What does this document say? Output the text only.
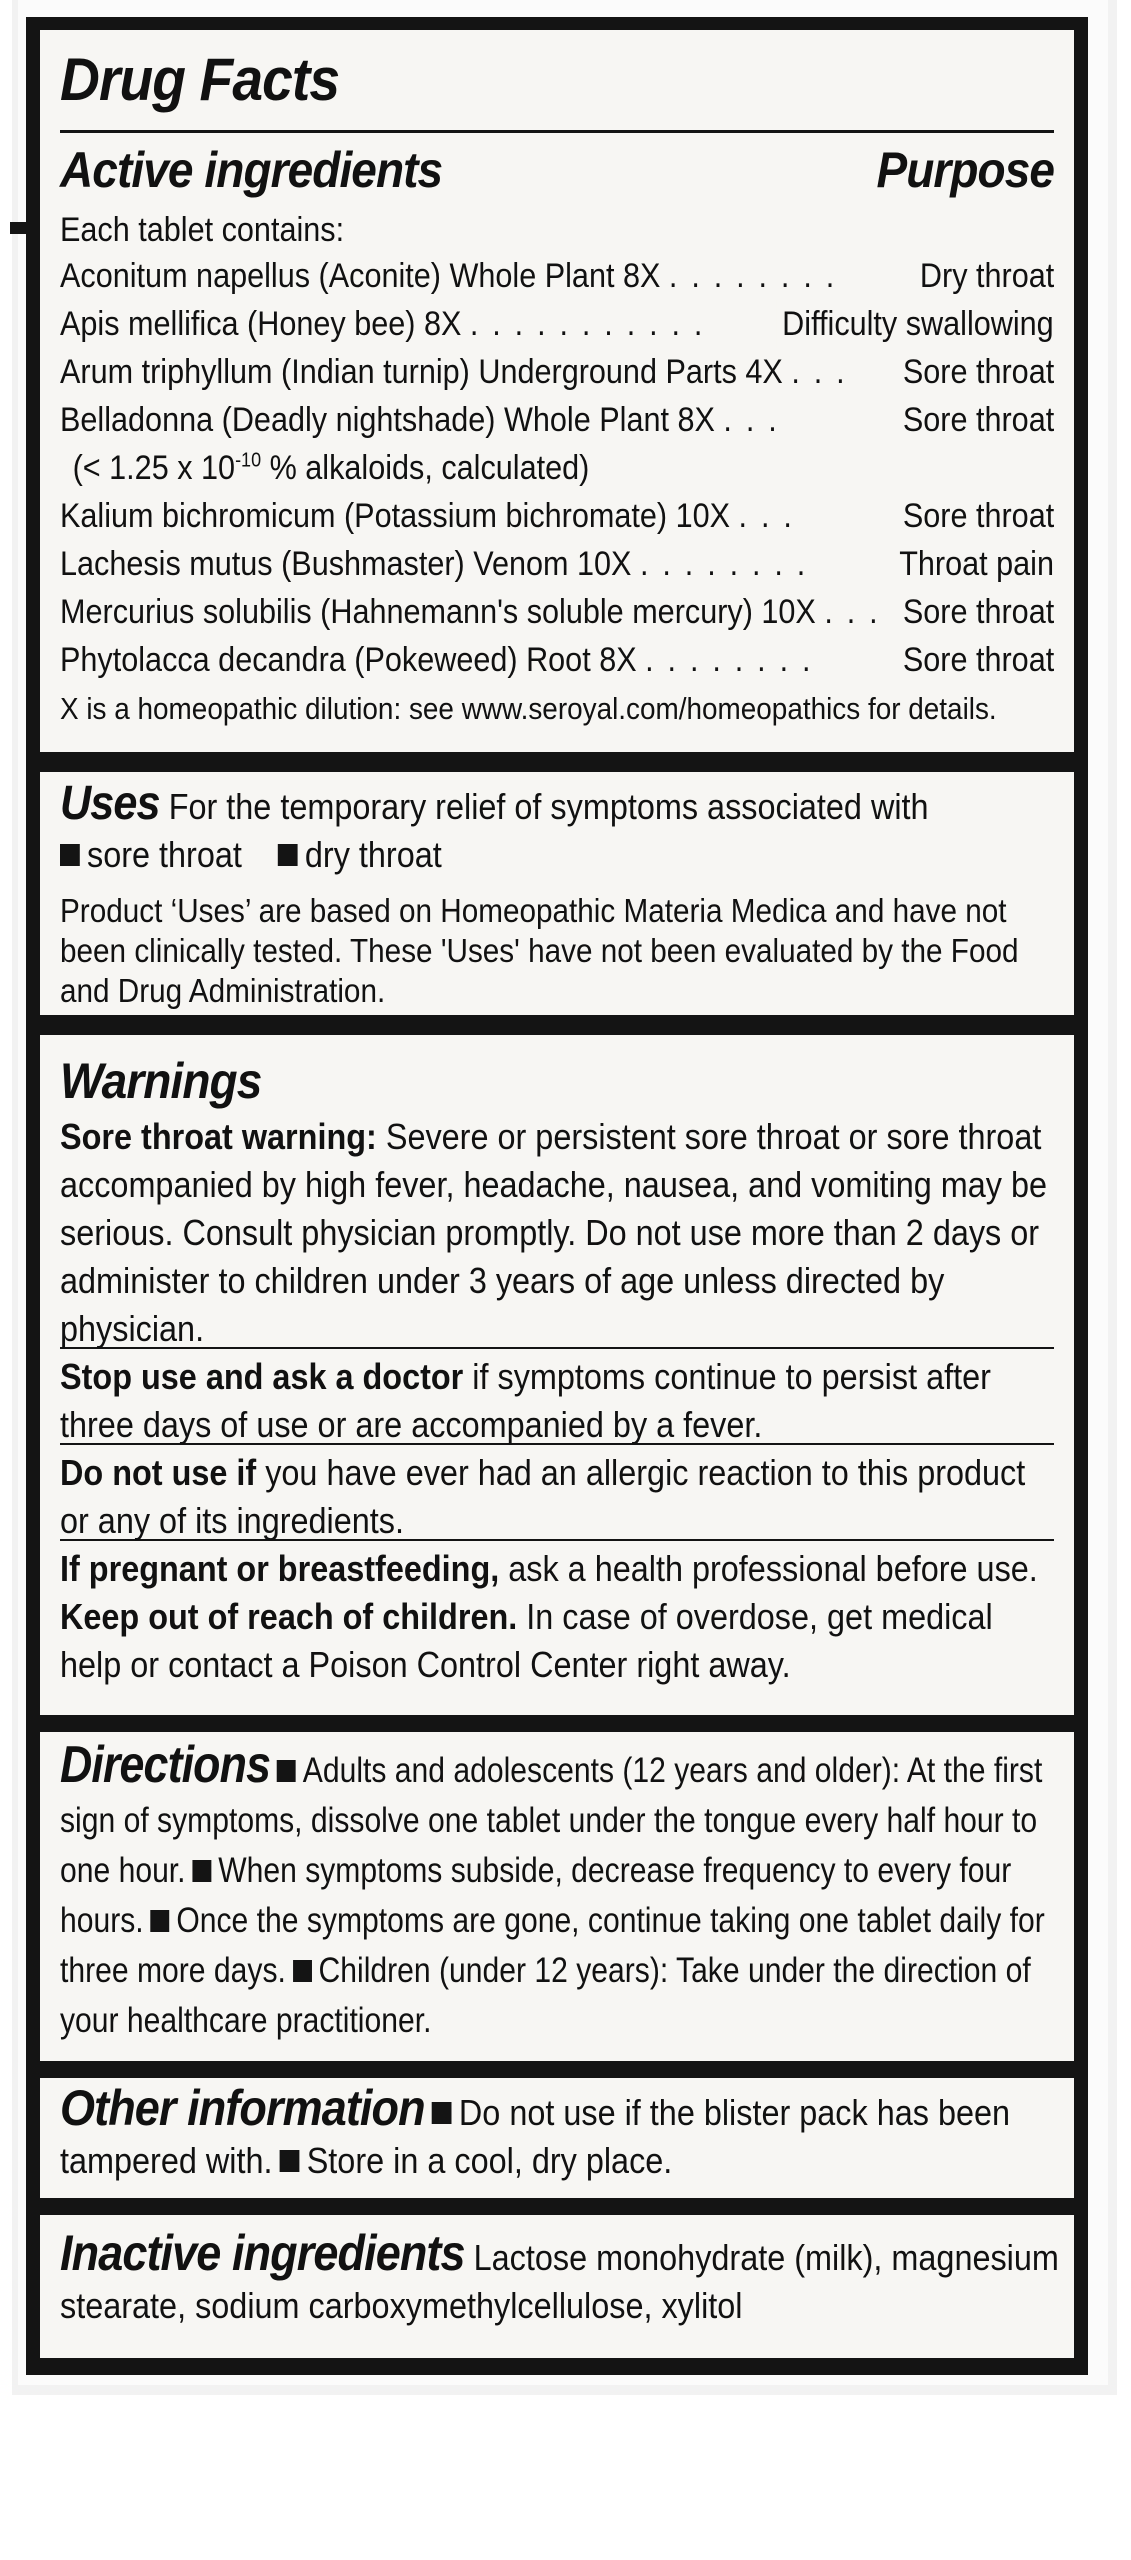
Drug Facts
Active ingredients	Purpose
Each tablet contains:
Aconitum napellus (Aconite) Whole Plant 8X . . . . . . . . Dry throat
Apis mellifica (Honey bee) 8X . . . . . . . . . . . Difficulty swallowing
Arum triphyllum (Indian turnip) Underground Parts 4X . . . Sore throat
Belladonna (Deadly nightshade) Whole Plant 8X . . .	Sore throat
(< 1.25 x $10^{-10}$ % alkaloids, calculated)
Kalium bichromicum (Potassium bichromate) 10X . . .	Sore throat
Lachesis mutus (Bushmaster) Venom 10X . . . . . . . .	Throat pain
Mercurius solubilis (Hahnemann's soluble mercury) 10X . . . Sore throat
Phytolacca decandra (Pokeweed) Root 8X . . . . . . . .	Sore throat
X is a homeopathic dilution: see www.seroyal.com/homeopathics for details.
Uses For the temporary relief of symptoms associated with
sore throat dry throat
Product ‘Uses’ are based on Homeopathic Materia Medica and have not been clinically tested. These 'Uses' have not been evaluated by the Food and Drug Administration.
Warnings
Sore throat warning: Severe or persistent sore throat or sore throat accompanied by high fever, headache, nausea, and vomiting may be serious. Consult physician promptly. Do not use more than 2 days or administer to children under 3 years of age unless directed by physician.
Stop use and ask a doctor if symptoms continue to persist after three days of use or are accompanied by a fever.
Do not use if you have ever had an allergic reaction to this product or any of its ingredients.
If pregnant or breastfeeding, ask a health professional before use. Keep out of reach of children. In case of overdose, get medical help or contact a Poison Control Center right away.
Directions Adults and adolescents (12 years and older): At the first sign of symptoms, dissolve one tablet under the tongue every half hour to one hour. When symptoms subside, decrease frequency to every four hours. Once the symptoms are gone, continue taking one tablet daily for three more days. Children (under 12 years): Take under the direction of your healthcare practitioner.
Other information Do not use if the blister pack has been tampered with. Store in a cool, dry place.
Inactive ingredients Lactose monohydrate (milk), magnesium stearate, sodium carboxymethylcellulose, xylitol
